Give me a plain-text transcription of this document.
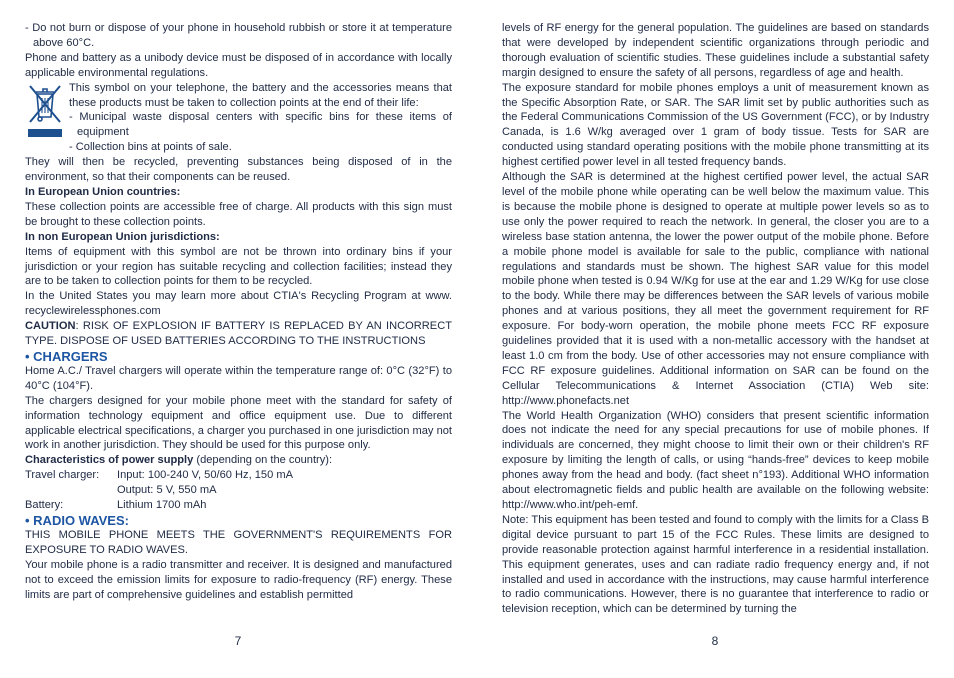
- Do not burn or dispose of your phone in household rubbish or store it at temperature above 60°C.

Phone and battery as a unibody device must be disposed of in accordance with locally applicable environmental regulations.

This symbol on your telephone, the battery and the accessories means that these products must be taken to collection points at the end of their life:

- Municipal waste disposal centers with specific bins for these items of equipment

- Collection bins at points of sale.

They will then be recycled, preventing substances being disposed of in the environment, so that their components can be reused.

In European Union countries:

These collection points are accessible free of charge. All products with this sign must be brought to these collection points.

In non European Union jurisdictions:

Items of equipment with this symbol are not be thrown into ordinary bins if your jurisdiction or your region has suitable recycling and collection facilities; instead they are to be taken to collection points for them to be recycled.

In the United States you may learn more about CTIA's Recycling Program at www. recyclewirelessphones.com

CAUTION: RISK OF EXPLOSION IF BATTERY IS REPLACED BY AN INCORRECT TYPE. DISPOSE OF USED BATTERIES ACCORDING TO THE INSTRUCTIONS

• CHARGERS

Home A.C./ Travel chargers will operate within the temperature range of: 0°C (32°F) to 40°C (104°F).

The chargers designed for your mobile phone meet with the standard for safety of information technology equipment and office equipment use. Due to different applicable electrical specifications, a charger you purchased in one jurisdiction may not work in another jurisdiction. They should be used for this purpose only.

Characteristics of power supply (depending on the country):

Travel charger:	Input: 100-240 V, 50/60 Hz, 150 mA
Output: 5 V, 550 mA
Battery:	Lithium 1700 mAh

• RADIO WAVES:

THIS MOBILE PHONE MEETS THE GOVERNMENT'S REQUIREMENTS FOR EXPOSURE TO RADIO WAVES.

Your mobile phone is a radio transmitter and receiver. It is designed and manufactured not to exceed the emission limits for exposure to radio-frequency (RF) energy. These limits are part of comprehensive guidelines and establish permitted

7

levels of RF energy for the general population. The guidelines are based on standards that were developed by independent scientific organizations through periodic and thorough evaluation of scientific studies. These guidelines include a substantial safety margin designed to ensure the safety of all persons, regardless of age and health.

The exposure standard for mobile phones employs a unit of measurement known as the Specific Absorption Rate, or SAR. The SAR limit set by public authorities such as the Federal Communications Commission of the US Government (FCC), or by Industry Canada, is 1.6 W/kg averaged over 1 gram of body tissue. Tests for SAR are conducted using standard operating positions with the mobile phone transmitting at its highest certified power level in all tested frequency bands.

Although the SAR is determined at the highest certified power level, the actual SAR level of the mobile phone while operating can be well below the maximum value. This is because the mobile phone is designed to operate at multiple power levels so as to use only the power required to reach the network. In general, the closer you are to a wireless base station antenna, the lower the power output of the mobile phone. Before a mobile phone model is available for sale to the public, compliance with national regulations and standards must be shown. The highest SAR value for this model mobile phone when tested is 0.94 W/Kg for use at the ear and 1.29 W/Kg for use close to the body. While there may be differences between the SAR levels of various mobile phones and at various positions, they all meet the government requirement for RF exposure. For body-worn operation, the mobile phone meets FCC RF exposure guidelines provided that it is used with a non-metallic accessory with the handset at least 1.0 cm from the body. Use of other accessories may not ensure compliance with FCC RF exposure guidelines. Additional information on SAR can be found on the Cellular Telecommunications & Internet Association (CTIA) Web site: http://www.phonefacts.net

The World Health Organization (WHO) considers that present scientific information does not indicate the need for any special precautions for use of mobile phones. If individuals are concerned, they might choose to limit their own or their children's RF exposure by limiting the length of calls, or using “hands-free” devices to keep mobile phones away from the head and body. (fact sheet n°193). Additional WHO information about electromagnetic fields and public health are available on the following website: http://www.who.int/peh-emf.

Note: This equipment has been tested and found to comply with the limits for a Class B digital device pursuant to part 15 of the FCC Rules. These limits are designed to provide reasonable protection against harmful interference in a residential installation. This equipment generates, uses and can radiate radio frequency energy and, if not installed and used in accordance with the instructions, may cause harmful interference to radio communications. However, there is no guarantee that interference to radio or television reception, which can be determined by turning the

8
